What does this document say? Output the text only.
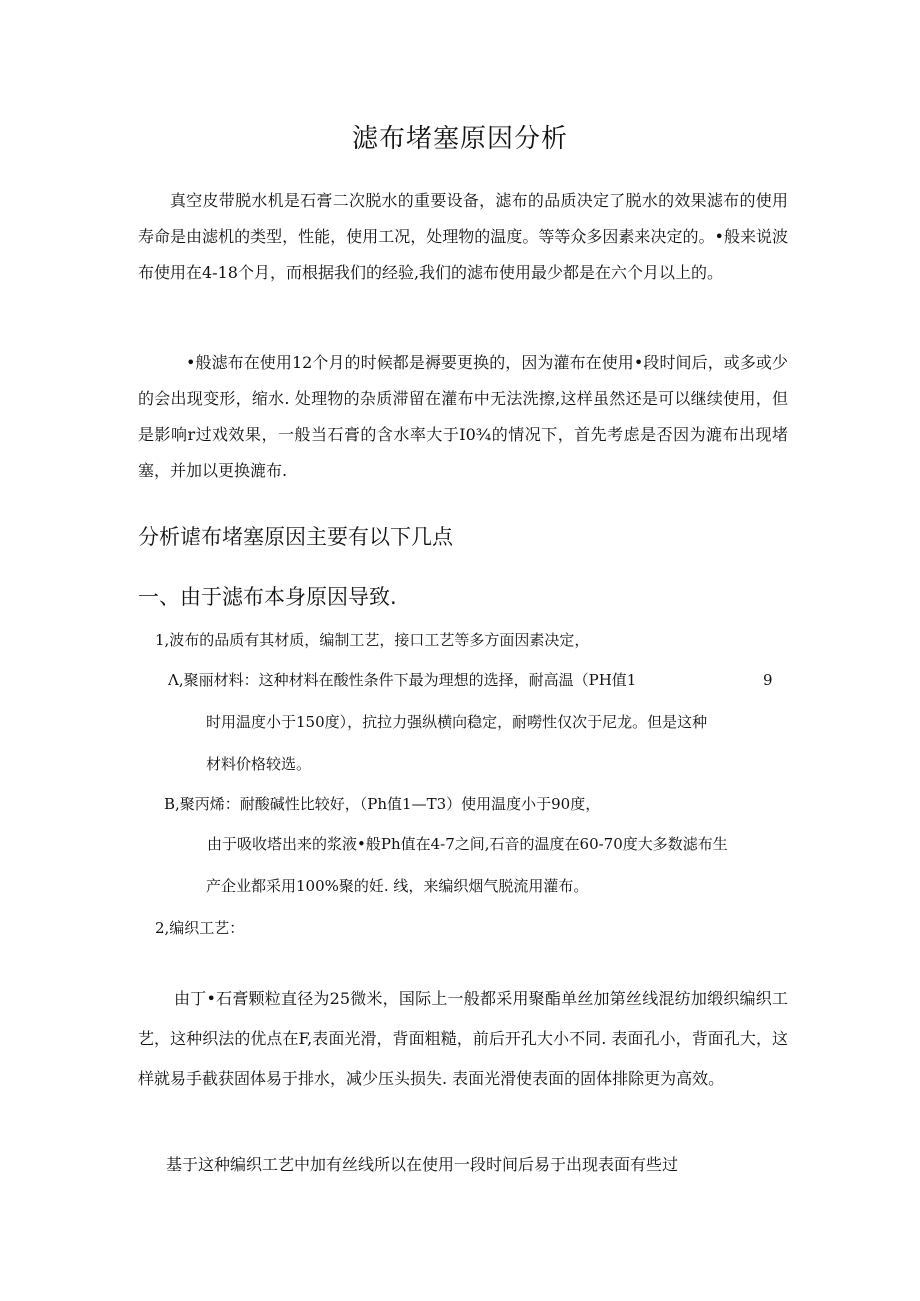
滤布堵塞原因分析

真空皮带脱水机是石膏二次脱水的重要设备，滤布的品质决定了脱水的效果滤布的使用寿命是由滤机的类型，性能，使用工况，处理物的温度。等等众多因素来决定的。•般来说波布使用在4-18个月，而根据我们的经验,我们的滤布使用最少都是在六个月以上的。

•般滤布在使用12个月的时候都是褥要更换的，因为灌布在使用•段时间后，或多或少的会出现变形，缩水. 处理物的杂质滞留在灌布中无法洗擦,这样虽然还是可以继续使用，但是影响r过戏效果，一般当石膏的含水率大于I0¾的情况下，首先考虑是否因为漉布出现堵塞，并加以更换漉布.

分析谑布堵塞原因主要有以下几点
一、由于滤布本身原因导致.

1,波布的品质有其材质，编制工艺，接口工艺等多方面因素决定，

Λ,聚丽材料：这种材料在酸性条件下最为理想的选择，耐高温（PH值1	9

时用温度小于150度），抗拉力强纵横向稳定，耐嘮性仅次于尼龙。但是这种

材料价格较选。

B,聚丙烯：耐酸碱性比较好，（Ph值1—T3）使用温度小于90度，

由于吸收塔出来的浆液•般Ph值在4-7之间,石音的温度在60-70度大多数滤布生

产企业都采用100%聚的妊. 线，来编织烟气脱流用灌布。

2,编织工艺：

由丁•石膏颗粒直径为25微米，国际上一般都采用聚酯单丝加第丝线混纺加缎织编织工艺，这种织法的优点在F,表面光滑，背面粗糙，前后开孔大小不同. 表面孔小，背面孔大，这样就易手截获固体易于排水，减少压头损失. 表面光滑使表面的固体排除更为高效。

基于这种编织工艺中加有丝线所以在使用一段时间后易于出现表面有些过
